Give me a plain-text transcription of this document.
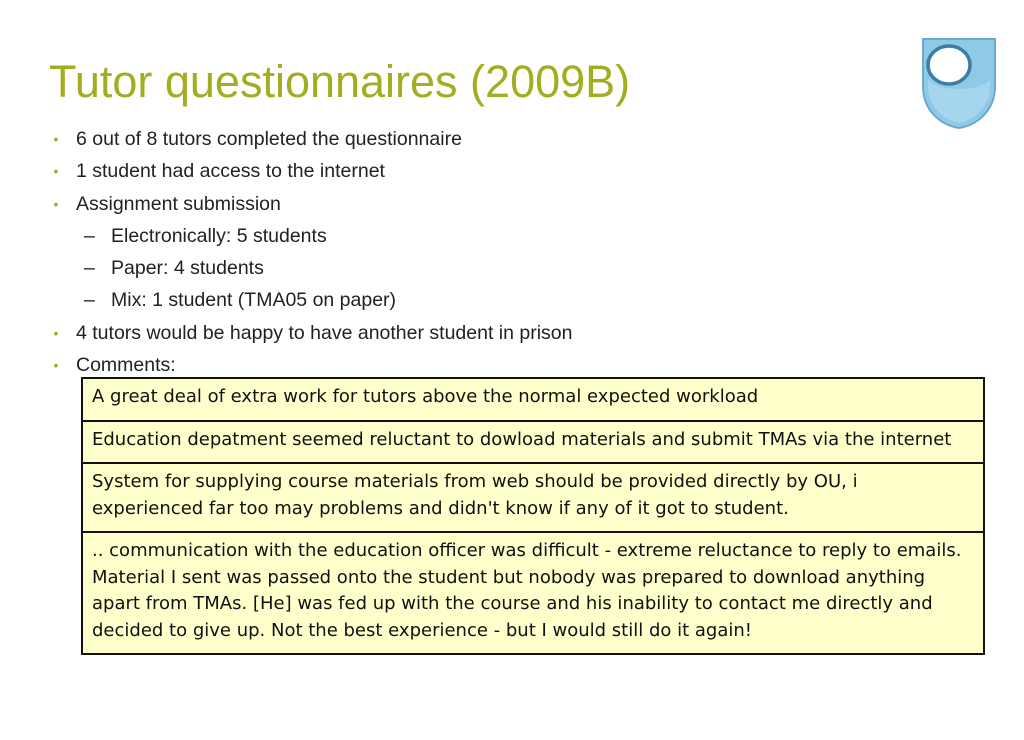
Tutor questionnaires (2009B)
• 6 out of 8 tutors completed the questionnaire
• 1 student had access to the internet
• Assignment submission
– Electronically: 5 students
– Paper: 4 students
– Mix: 1 student (TMA05 on paper)
• 4 tutors would be happy to have another student in prison
• Comments:
A great deal of extra work for tutors above the normal expected workload
Education depatment seemed reluctant to dowload materials and submit TMAs via the internet
System for supplying course materials from web should be provided directly by OU, i experienced far too may problems and didn't know if any of it got to student.
.. communication with the education officer was difficult - extreme reluctance to reply to emails. Material I sent was passed onto the student but nobody was prepared to download anything apart from TMAs. [He] was fed up with the course and his inability to contact me directly and decided to give up. Not the best experience - but I would still do it again!
